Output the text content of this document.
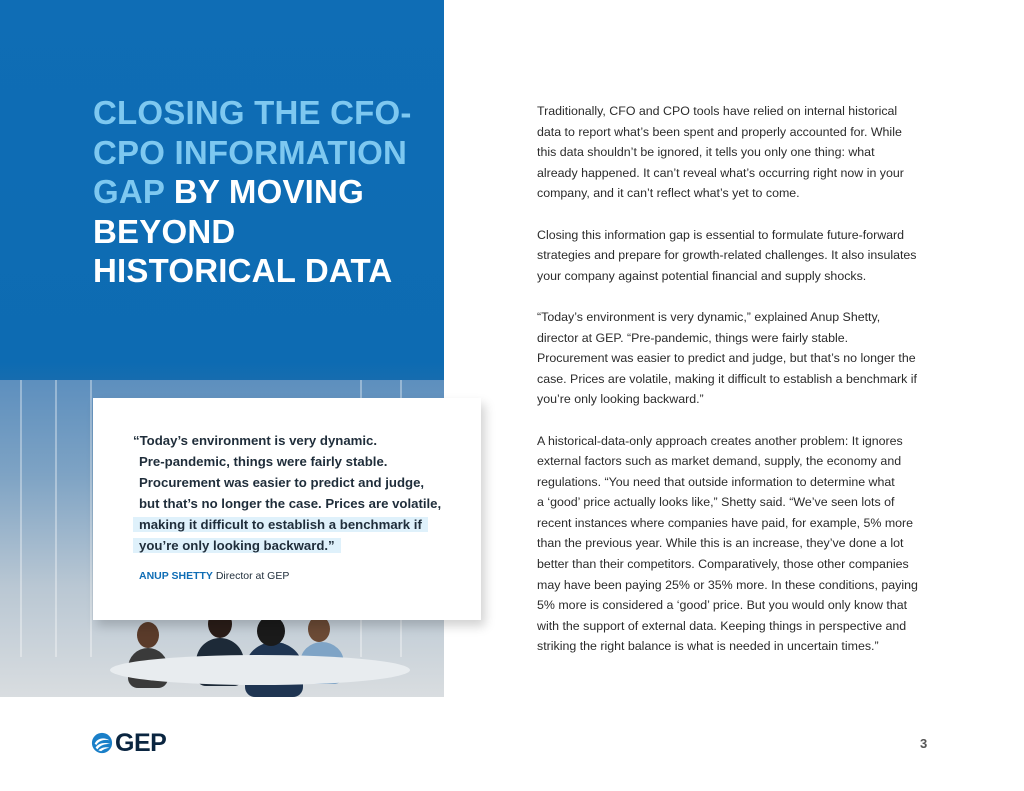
CLOSING THE CFO-CPO INFORMATION GAP BY MOVING BEYOND HISTORICAL DATA

“Today’s environment is very dynamic.
Pre-pandemic, things were fairly stable.
Procurement was easier to predict and judge,
but that’s no longer the case. Prices are volatile,
making it difficult to establish a benchmark if
you’re only looking backward.”

ANUP SHETTY Director at GEP

Traditionally, CFO and CPO tools have relied on internal historical
data to report what’s been spent and properly accounted for. While
this data shouldn’t be ignored, it tells you only one thing: what
already happened. It can’t reveal what’s occurring right now in your
company, and it can’t reflect what’s yet to come.

Closing this information gap is essential to formulate future-forward
strategies and prepare for growth-related challenges. It also insulates
your company against potential financial and supply shocks.

“Today’s environment is very dynamic,” explained Anup Shetty,
director at GEP. “Pre-pandemic, things were fairly stable.
Procurement was easier to predict and judge, but that’s no longer the
case. Prices are volatile, making it difficult to establish a benchmark if
you’re only looking backward.”

A historical-data-only approach creates another problem: It ignores
external factors such as market demand, supply, the economy and
regulations. “You need that outside information to determine what
a ‘good’ price actually looks like,” Shetty said. “We’ve seen lots of
recent instances where companies have paid, for example, 5% more
than the previous year. While this is an increase, they’ve done a lot
better than their competitors. Comparatively, those other companies
may have been paying 25% or 35% more. In these conditions, paying
5% more is considered a ‘good’ price. But you would only know that
with the support of external data. Keeping things in perspective and
striking the right balance is what is needed in uncertain times.”

GEP	3
